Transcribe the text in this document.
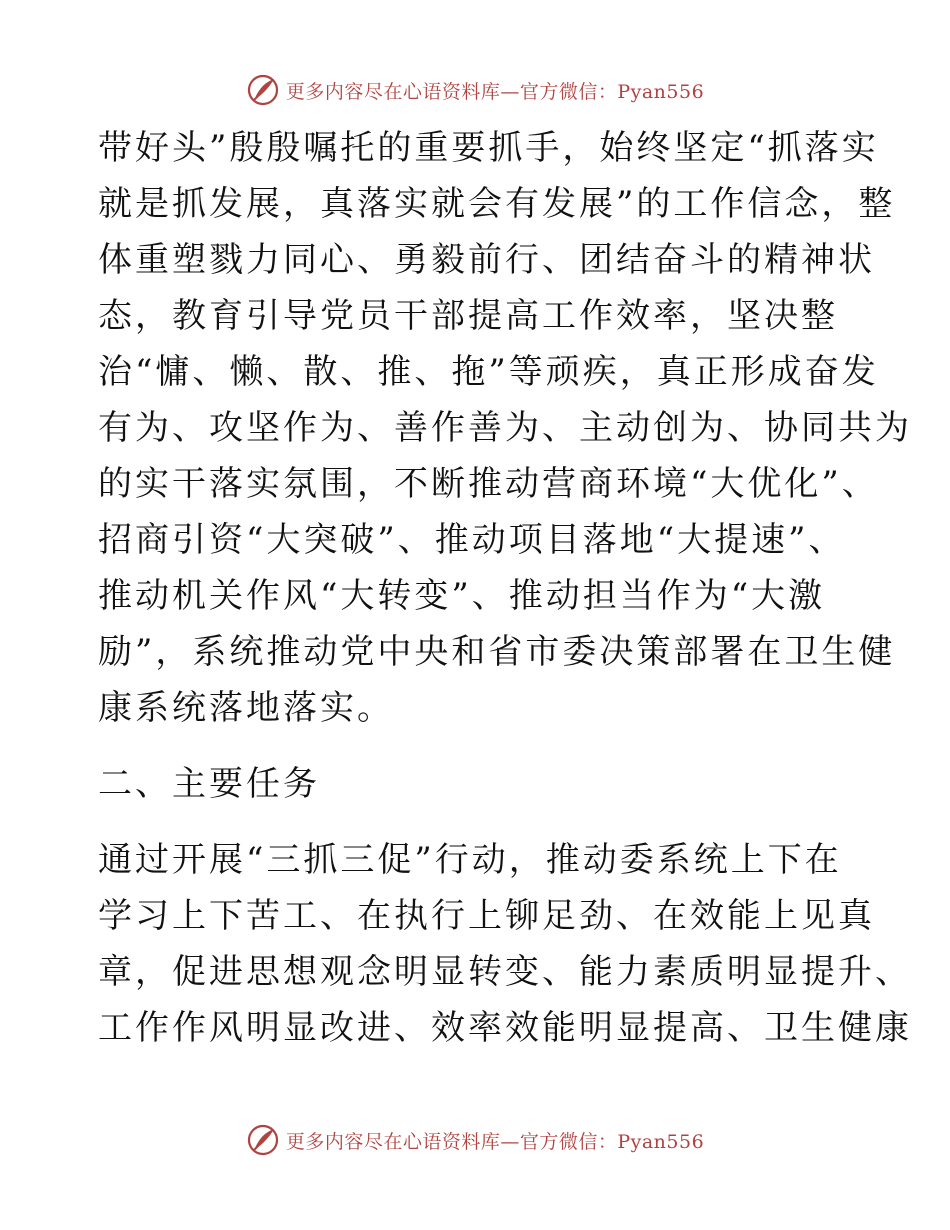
更多内容尽在心语资料库—官方微信：Pyan556
带好头”殷殷嘱托的重要抓手，始终坚定“抓落实
就是抓发展，真落实就会有发展”的工作信念，整
体重塑戮力同心、勇毅前行、团结奋斗的精神状
态，教育引导党员干部提高工作效率，坚决整
治“慵、懒、散、推、拖”等顽疾，真正形成奋发
有为、攻坚作为、善作善为、主动创为、协同共为
的实干落实氛围，不断推动营商环境“大优化”、
招商引资“大突破”、推动项目落地“大提速”、
推动机关作风“大转变”、推动担当作为“大激
励”，系统推动党中央和省市委决策部署在卫生健
康系统落地落实。
二、主要任务
通过开展“三抓三促”行动，推动委系统上下在
学习上下苦工、在执行上铆足劲、在效能上见真
章，促进思想观念明显转变、能力素质明显提升、
工作作风明显改进、效率效能明显提高、卫生健康
更多内容尽在心语资料库—官方微信：Pyan556
